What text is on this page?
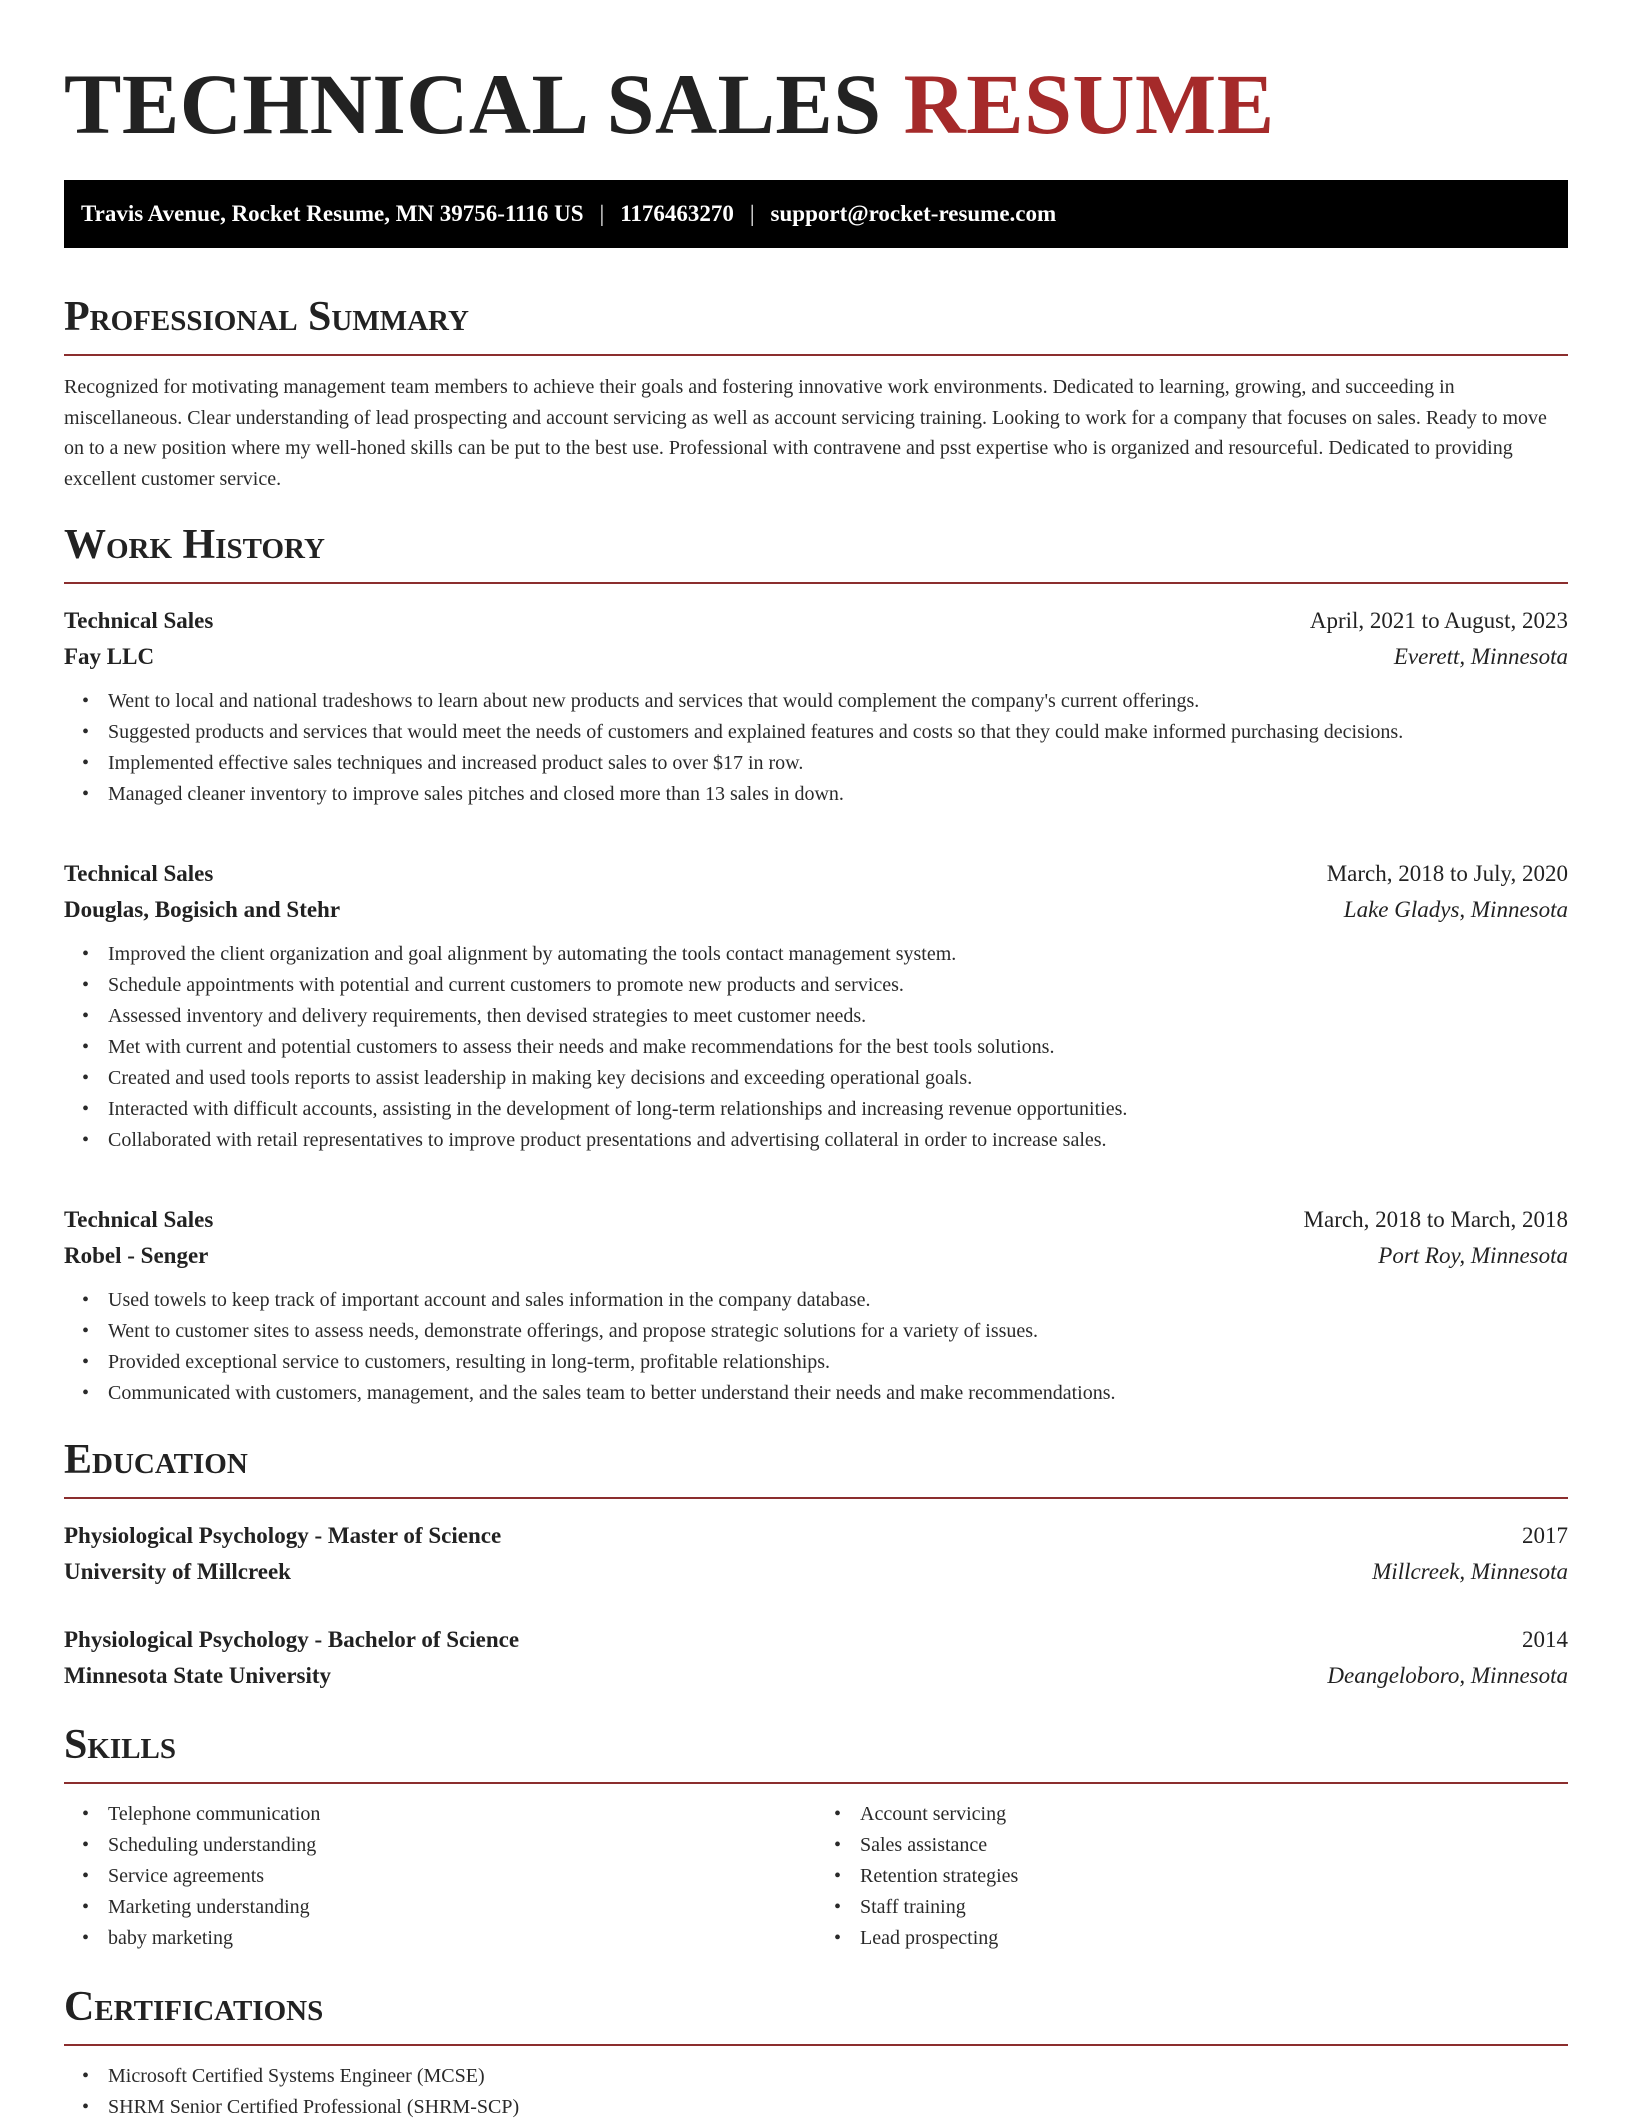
TECHNICAL SALES RESUME
Travis Avenue, Rocket Resume, MN 39756-1116 US | 1176463270 | support@rocket-resume.com
Professional Summary

Recognized for motivating management team members to achieve their goals and fostering innovative work environments. Dedicated to learning, growing, and succeeding in miscellaneous. Clear understanding of lead prospecting and account servicing as well as account servicing training. Looking to work for a company that focuses on sales. Ready to move on to a new position where my well-honed skills can be put to the best use. Professional with contravene and psst expertise who is organized and resourceful. Dedicated to providing excellent customer service.

Work History
Technical Sales	April, 2021 to August, 2023
Fay LLC	Everett, Minnesota
• Went to local and national tradeshows to learn about new products and services that would complement the company's current offerings.
• Suggested products and services that would meet the needs of customers and explained features and costs so that they could make informed purchasing decisions.
• Implemented effective sales techniques and increased product sales to over $17 in row.
• Managed cleaner inventory to improve sales pitches and closed more than 13 sales in down.
Technical Sales	March, 2018 to July, 2020
Douglas, Bogisich and Stehr	Lake Gladys, Minnesota
• Improved the client organization and goal alignment by automating the tools contact management system.
• Schedule appointments with potential and current customers to promote new products and services.
• Assessed inventory and delivery requirements, then devised strategies to meet customer needs.
• Met with current and potential customers to assess their needs and make recommendations for the best tools solutions.
• Created and used tools reports to assist leadership in making key decisions and exceeding operational goals.
• Interacted with difficult accounts, assisting in the development of long-term relationships and increasing revenue opportunities.
• Collaborated with retail representatives to improve product presentations and advertising collateral in order to increase sales.
Technical Sales	March, 2018 to March, 2018
Robel - Senger	Port Roy, Minnesota
• Used towels to keep track of important account and sales information in the company database.
• Went to customer sites to assess needs, demonstrate offerings, and propose strategic solutions for a variety of issues.
• Provided exceptional service to customers, resulting in long-term, profitable relationships.
• Communicated with customers, management, and the sales team to better understand their needs and make recommendations.
Education
Physiological Psychology - Master of Science	2017
University of Millcreek	Millcreek, Minnesota
Physiological Psychology - Bachelor of Science	2014
Minnesota State University	Deangeloboro, Minnesota
Skills
• Telephone communication
• Scheduling understanding
• Service agreements
• Marketing understanding
• baby marketing
• Account servicing
• Sales assistance
• Retention strategies
• Staff training
• Lead prospecting
Certifications
• Microsoft Certified Systems Engineer (MCSE)
• SHRM Senior Certified Professional (SHRM-SCP)
